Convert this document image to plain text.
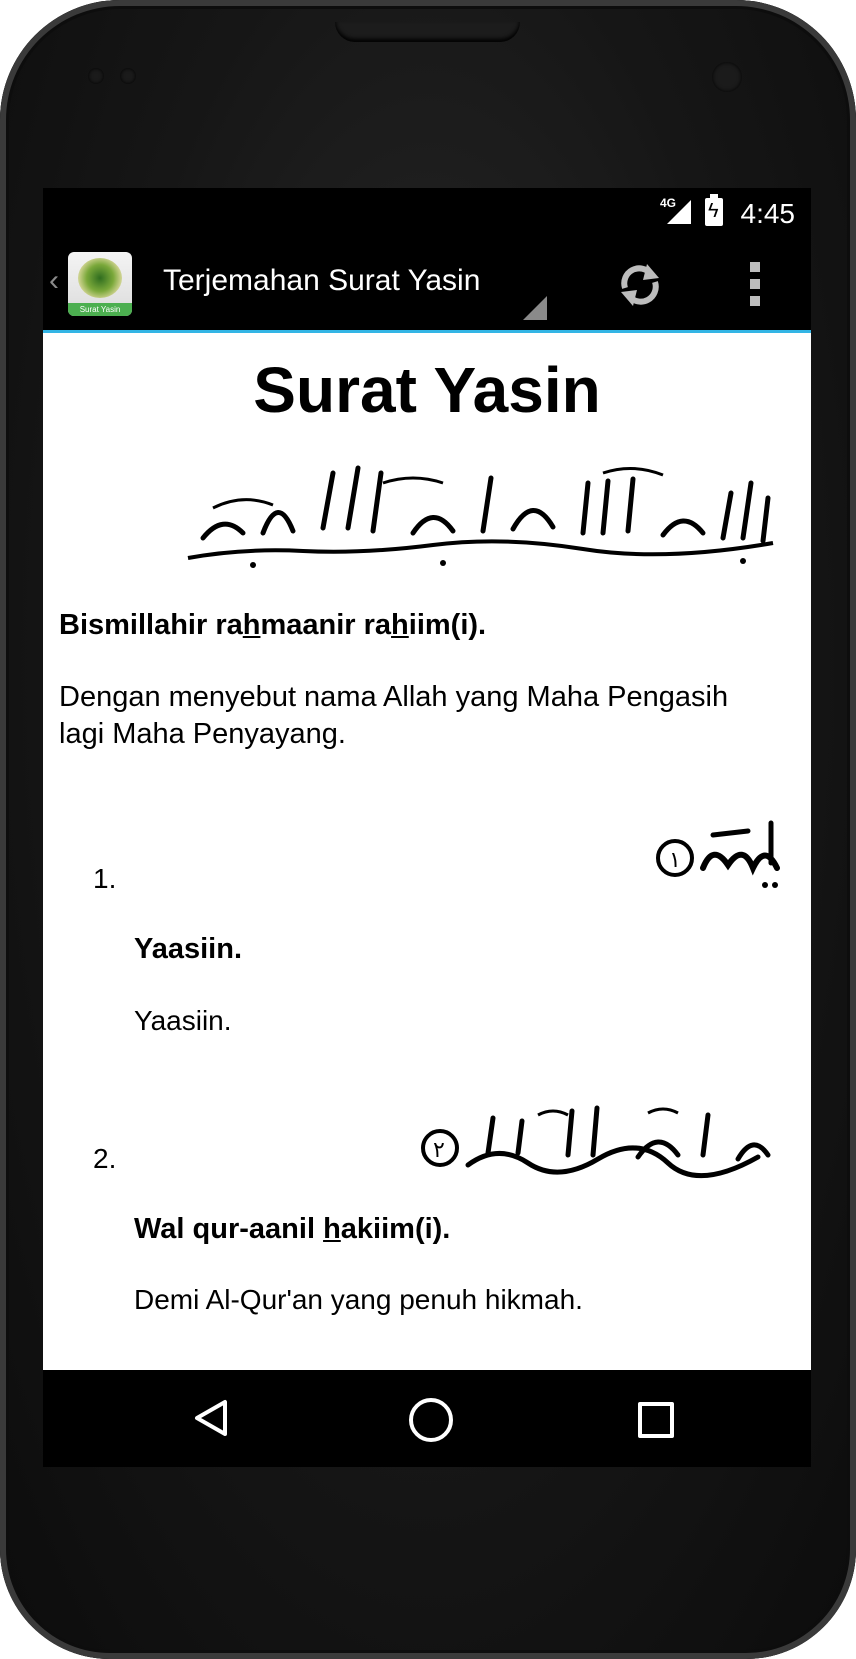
4G ϟ 4:45
‹
Surat Yasin
Terjemahan Surat Yasin
Surat Yasin
Bismillahir rahmaanir rahiim(i).
Dengan menyebut nama Allah yang Maha Pengasih
lagi Maha Penyayang.
١
1.
Yaasiin.
Yaasiin.
٢
2.
Wal qur-aanil hakiim(i).
Demi Al-Qur'an yang penuh hikmah.
